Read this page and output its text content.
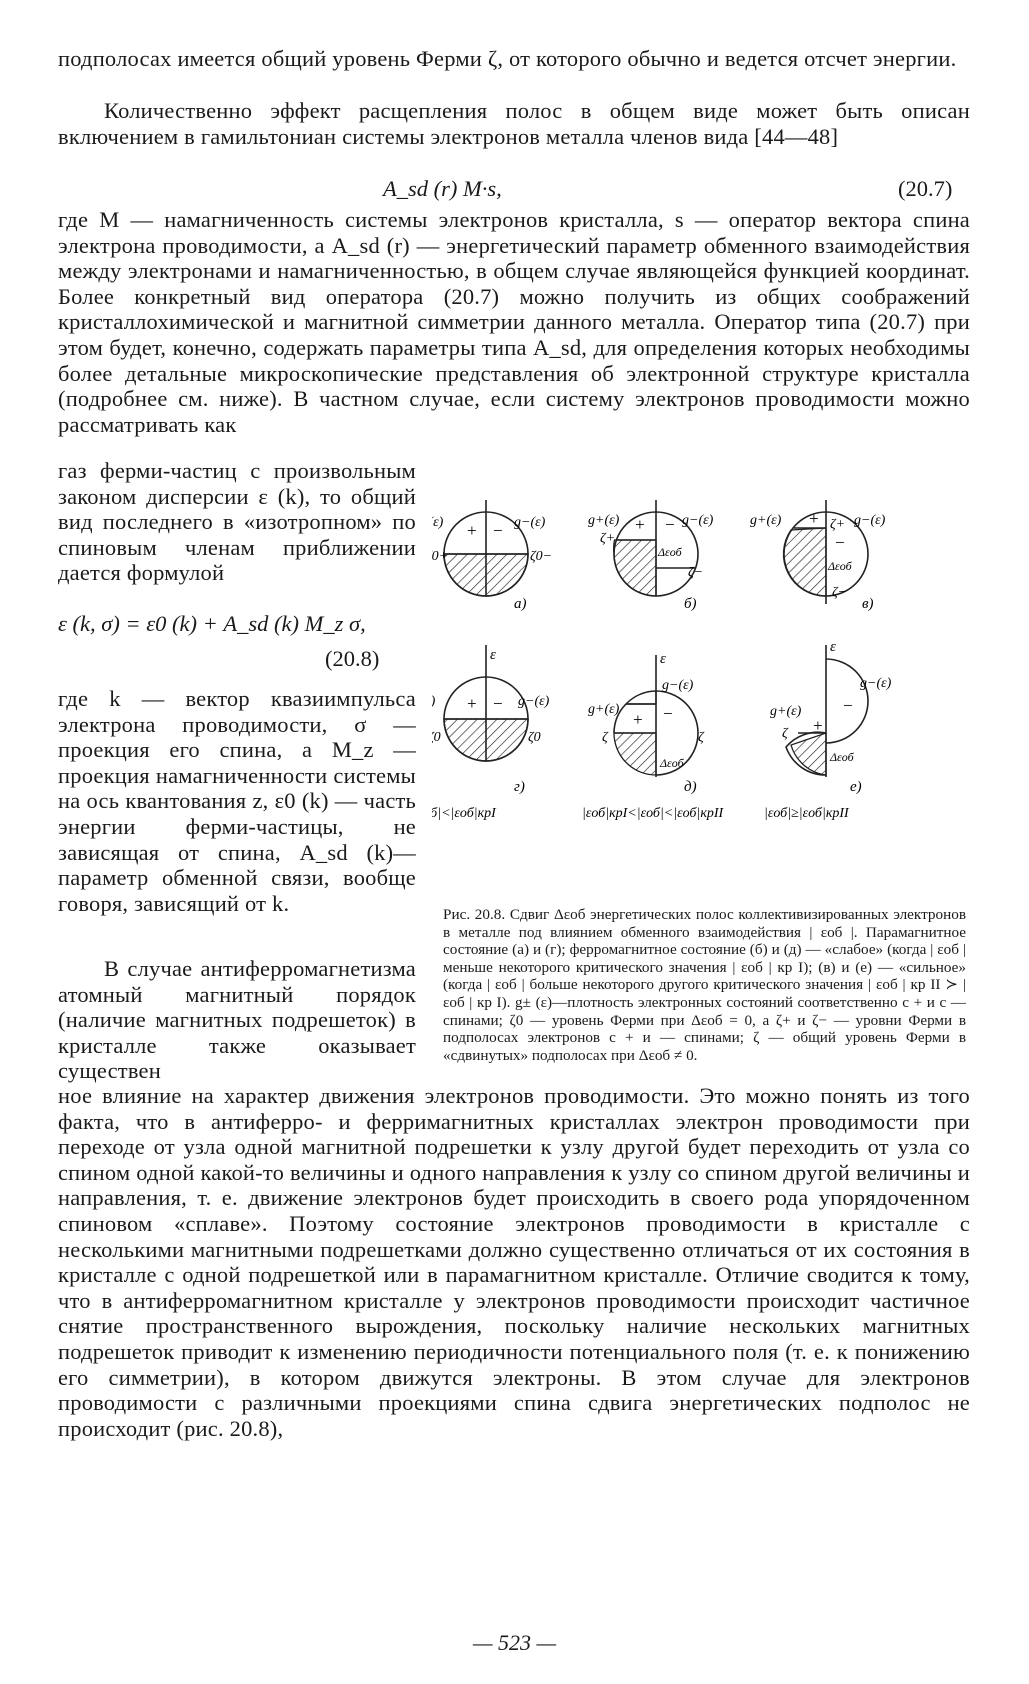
подполосах имеется общий уровень Ферми ζ, от которого обычно и ведется отсчет энергии.

Количественно эффект расщепления полос в общем виде может быть описан включением в гамильтониан системы электронов металла членов вида [44—48]

A_sd (r) M·s,	(20.7)

где M — намагниченность системы электронов кристалла, s — оператор вектора спина электрона проводимости, а A_sd (r) — энергетический параметр обменного взаимодействия между электронами и намагниченностью, в общем случае являющейся функцией координат. Более конкретный вид оператора (20.7) можно получить из общих соображений кристаллохимической и магнитной симметрии данного металла. Оператор типа (20.7) при этом будет, конечно, содержать параметры типа A_sd, для определения которых необходимы более детальные микроскопические представления об электронной структуре кристалла (подробнее см. ниже). В частном случае, если систему электронов проводимости можно рассматривать как

газ ферми-частиц с произвольным законом дисперсии ε (k), то общий вид последнего в «изотропном» по спиновым членам приближении дается формулой

ε (k, σ) = ε0 (k) + A_sd (k) M_z σ,
(20.8)

где k — вектор квазиимпульса электрона проводимости, σ — проекция его спина, а M_z — проекция намагниченности системы на ось квантования z, ε0 (k) — часть энергии ферми-частицы, не зависящая от спина, A_sd (k)— параметр обменной связи, вообще говоря, зависящий от k.

В случае антиферромагнетизма атомный магнитный порядок (наличие магнитных подрешеток) в кристалле также оказывает существен

ное влияние на характер движения электронов проводимости. Это можно понять из того факта, что в антиферро- и ферримагнитных кристаллах электрон проводимости при переходе от узла одной магнитной подрешетки к узлу другой будет переходить от узла со спином одной какой-то величины и одного направления к узлу со спином другой величины и направления, т. е. движение электронов будет происходить в своего рода упорядоченном спиновом «сплаве». Поэтому состояние электронов проводимости в кристалле с несколькими магнитными подрешетками должно существенно отличаться от их состояния в кристалле с одной подрешеткой или в парамагнитном кристалле. Отличие сводится к тому, что в антиферромагнитном кристалле у электронов проводимости происходит частичное снятие пространственного вырождения, поскольку наличие нескольких магнитных подрешеток приводит к изменению периодичности потенциального поля (т. е. к понижению его симметрии), в котором движутся электроны. В этом случае для электронов проводимости с различными проекциями спина сдвига энергетических подполос не происходит (рис. 20.8),

+ −
ε)	g−(ε)
0+	ζ0−
а)
+ −
g+(ε)	g−(ε)
ζ+
ζ−
Δεоб
б)
+
−
g+(ε)	g−(ε)
ζ+
ζ−
Δεоб
в)
ε
+ − g−(ε)
0	ζ0
г)
б|<|εоб|крI
ε
+ −
g+(ε)
g−(ε)
ζ	ζ
Δεоб
д)
|εоб|крI<|εоб|<|εоб|крII
ε
+
−
g+(ε)
g−(ε)
ζ
Δεоб
е)
|εоб|≥|εоб|крII

Рис. 20.8. Сдвиг Δεоб энергетических полос коллективизированных электронов в металле под влиянием обменного взаимодействия | εоб |. Парамагнитное состояние (а) и (г); ферромагнитное состояние (б) и (д) — «слабое» (когда | εоб | меньше некоторого критического значения | εоб | кр I); (в) и (е) — «сильное» (когда | εоб | больше некоторого другого критического значения | εоб | кр II ≻ | εоб | кр I). g± (ε)—плотность электронных состояний соответственно с + и с — спинами; ζ0 — уровень Ферми при Δεоб = 0, а ζ+ и ζ− — уровни Ферми в подполосах электронов с + и — спинами; ζ — общий уровень Ферми в «сдвинутых» подполосах при Δεоб ≠ 0.

— 523 —
